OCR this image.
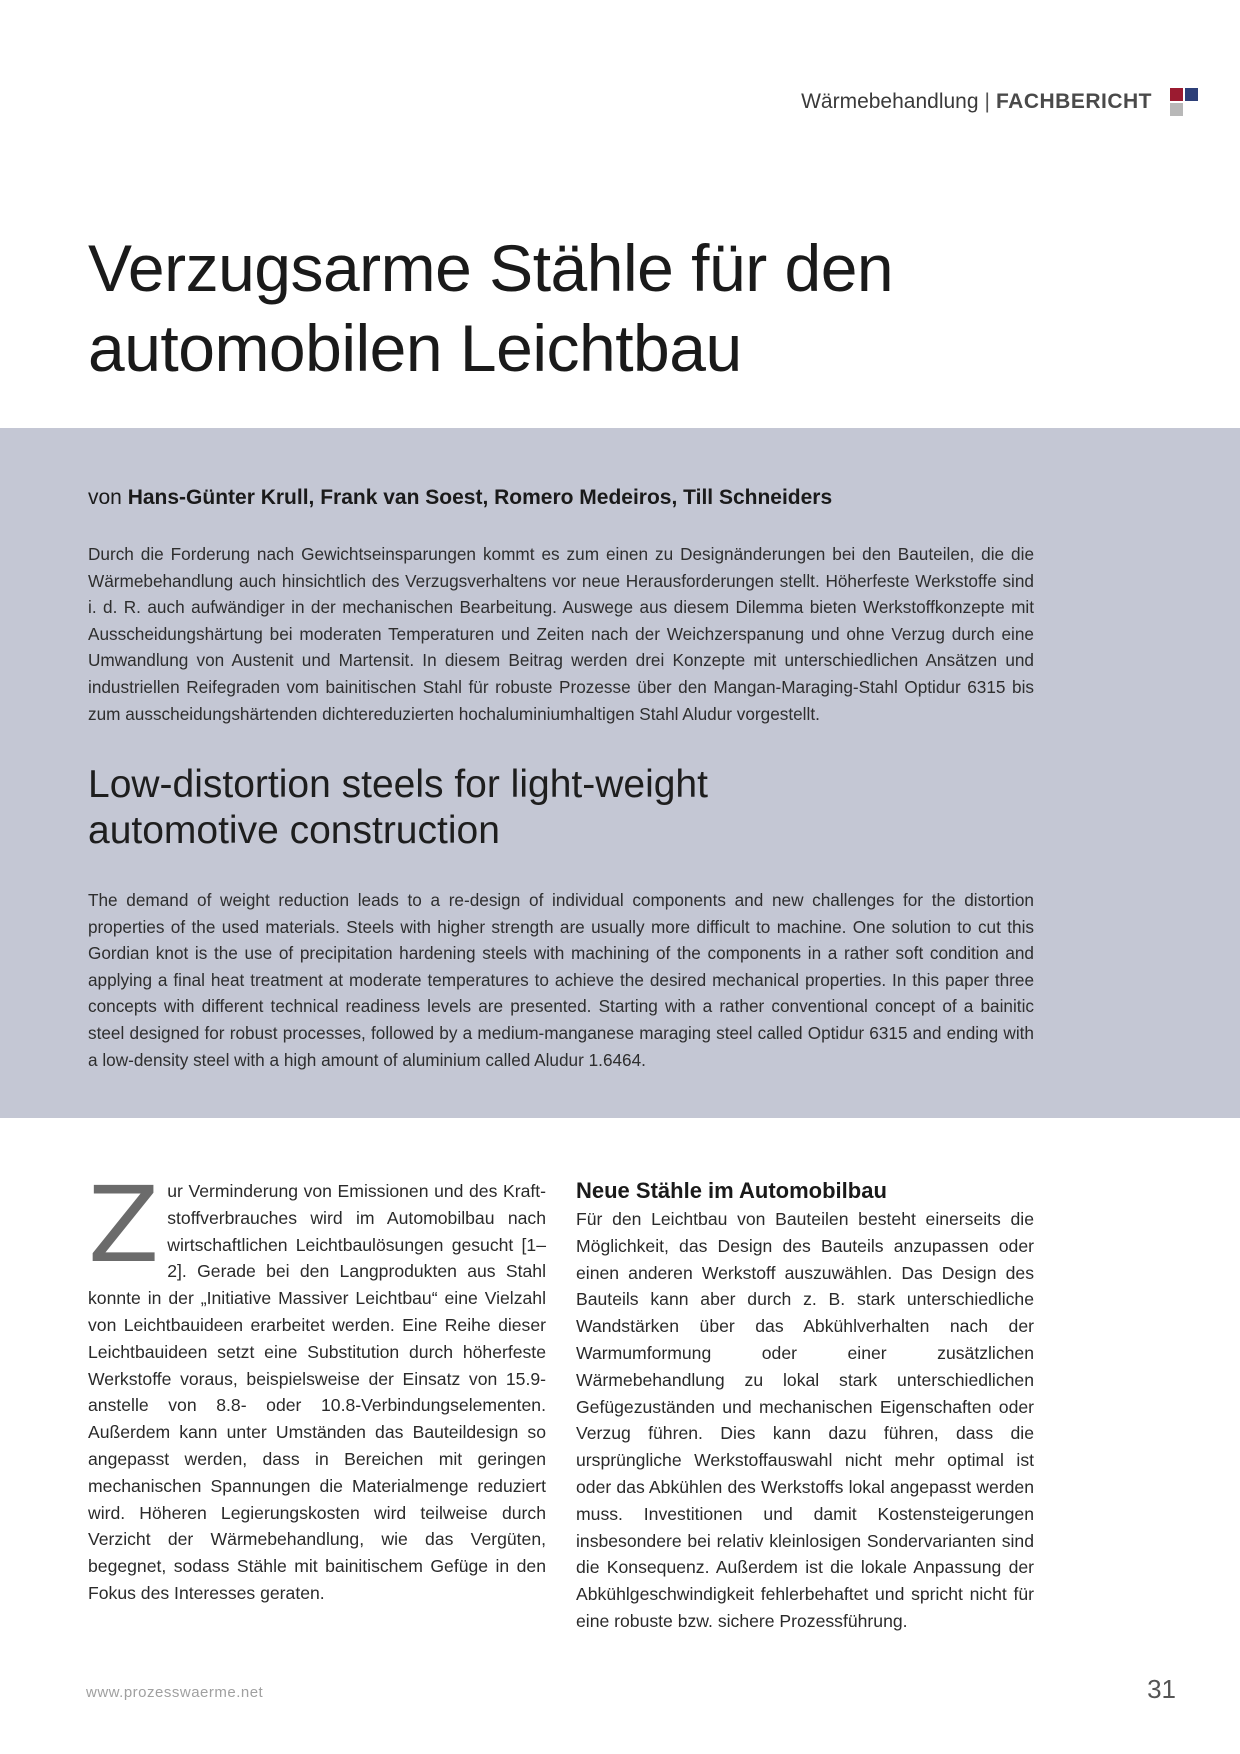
Wärmebehandlung | FACHBERICHT
Verzugsarme Stähle für den
automobilen Leichtbau
von Hans-Günter Krull, Frank van Soest, Romero Medeiros, Till Schneiders

Durch die Forderung nach Gewichtseinsparungen kommt es zum einen zu Designänderungen bei den Bauteilen, die die Wärmebehandlung auch hinsichtlich des Verzugsverhaltens vor neue Herausforderungen stellt. Höherfeste Werkstoffe sind i. d. R. auch aufwändiger in der mechanischen Bearbeitung. Auswege aus diesem Dilemma bieten Werkstoffkonzepte mit Ausscheidungshärtung bei moderaten Temperaturen und Zeiten nach der Weichzerspanung und ohne Verzug durch eine Umwandlung von Austenit und Martensit. In diesem Beitrag werden drei Konzepte mit unterschiedlichen Ansätzen und industriellen Reifegraden vom bainitischen Stahl für robuste Prozesse über den Mangan-Maraging-Stahl Optidur 6315 bis zum ausscheidungshärtenden dichtereduzierten hochaluminiumhaltigen Stahl Aludur vorgestellt.

Low-distortion steels for light-weight
automotive construction

The demand of weight reduction leads to a re-design of individual components and new challenges for the distortion properties of the used materials. Steels with higher strength are usually more difficult to machine. One solution to cut this Gordian knot is the use of precipitation hardening steels with machining of the components in a rather soft condition and applying a final heat treatment at moderate temperatures to achieve the desired mechanical properties. In this paper three concepts with different technical readiness levels are presented. Starting with a rather conventional concept of a bainitic steel designed for robust processes, followed by a medium-manganese maraging steel called Optidur 6315 and ending with a low-density steel with a high amount of aluminium called Aludur 1.6464.

Zur Verminderung von Emissionen und des Kraftstoffverbrauches wird im Automobilbau nach wirtschaftlichen Leichtbaulösungen gesucht [1–2]. Gerade bei den Langprodukten aus Stahl konnte in der „Initiative Massiver Leichtbau“ eine Vielzahl von Leichtbauideen erarbeitet werden. Eine Reihe dieser Leichtbauideen setzt eine Substitution durch höherfeste Werkstoffe voraus, beispielsweise der Einsatz von 15.9- anstelle von 8.8- oder 10.8-Verbindungselementen. Außerdem kann unter Umständen das Bauteildesign so angepasst werden, dass in Bereichen mit geringen mechanischen Spannungen die Materialmenge reduziert wird. Höheren Legierungskosten wird teilweise durch Verzicht der Wärmebehandlung, wie das Vergüten, begegnet, sodass Stähle mit bainitischem Gefüge in den Fokus des Interesses geraten.

Neue Stähle im Automobilbau

Für den Leichtbau von Bauteilen besteht einerseits die Möglichkeit, das Design des Bauteils anzupassen oder einen anderen Werkstoff auszuwählen. Das Design des Bauteils kann aber durch z. B. stark unterschiedliche Wandstärken über das Abkühlverhalten nach der Warmumformung oder einer zusätzlichen Wärmebehandlung zu lokal stark unterschiedlichen Gefügezuständen und mechanischen Eigenschaften oder Verzug führen. Dies kann dazu führen, dass die ursprüngliche Werkstoffauswahl nicht mehr optimal ist oder das Abkühlen des Werkstoffs lokal angepasst werden muss. Investitionen und damit Kostensteigerungen insbesondere bei relativ kleinlosigen Sondervarianten sind die Konsequenz. Außerdem ist die lokale Anpassung der Abkühlgeschwindigkeit fehlerbehaftet und spricht nicht für eine robuste bzw. sichere Prozessführung.

www.prozesswaerme.net	31
